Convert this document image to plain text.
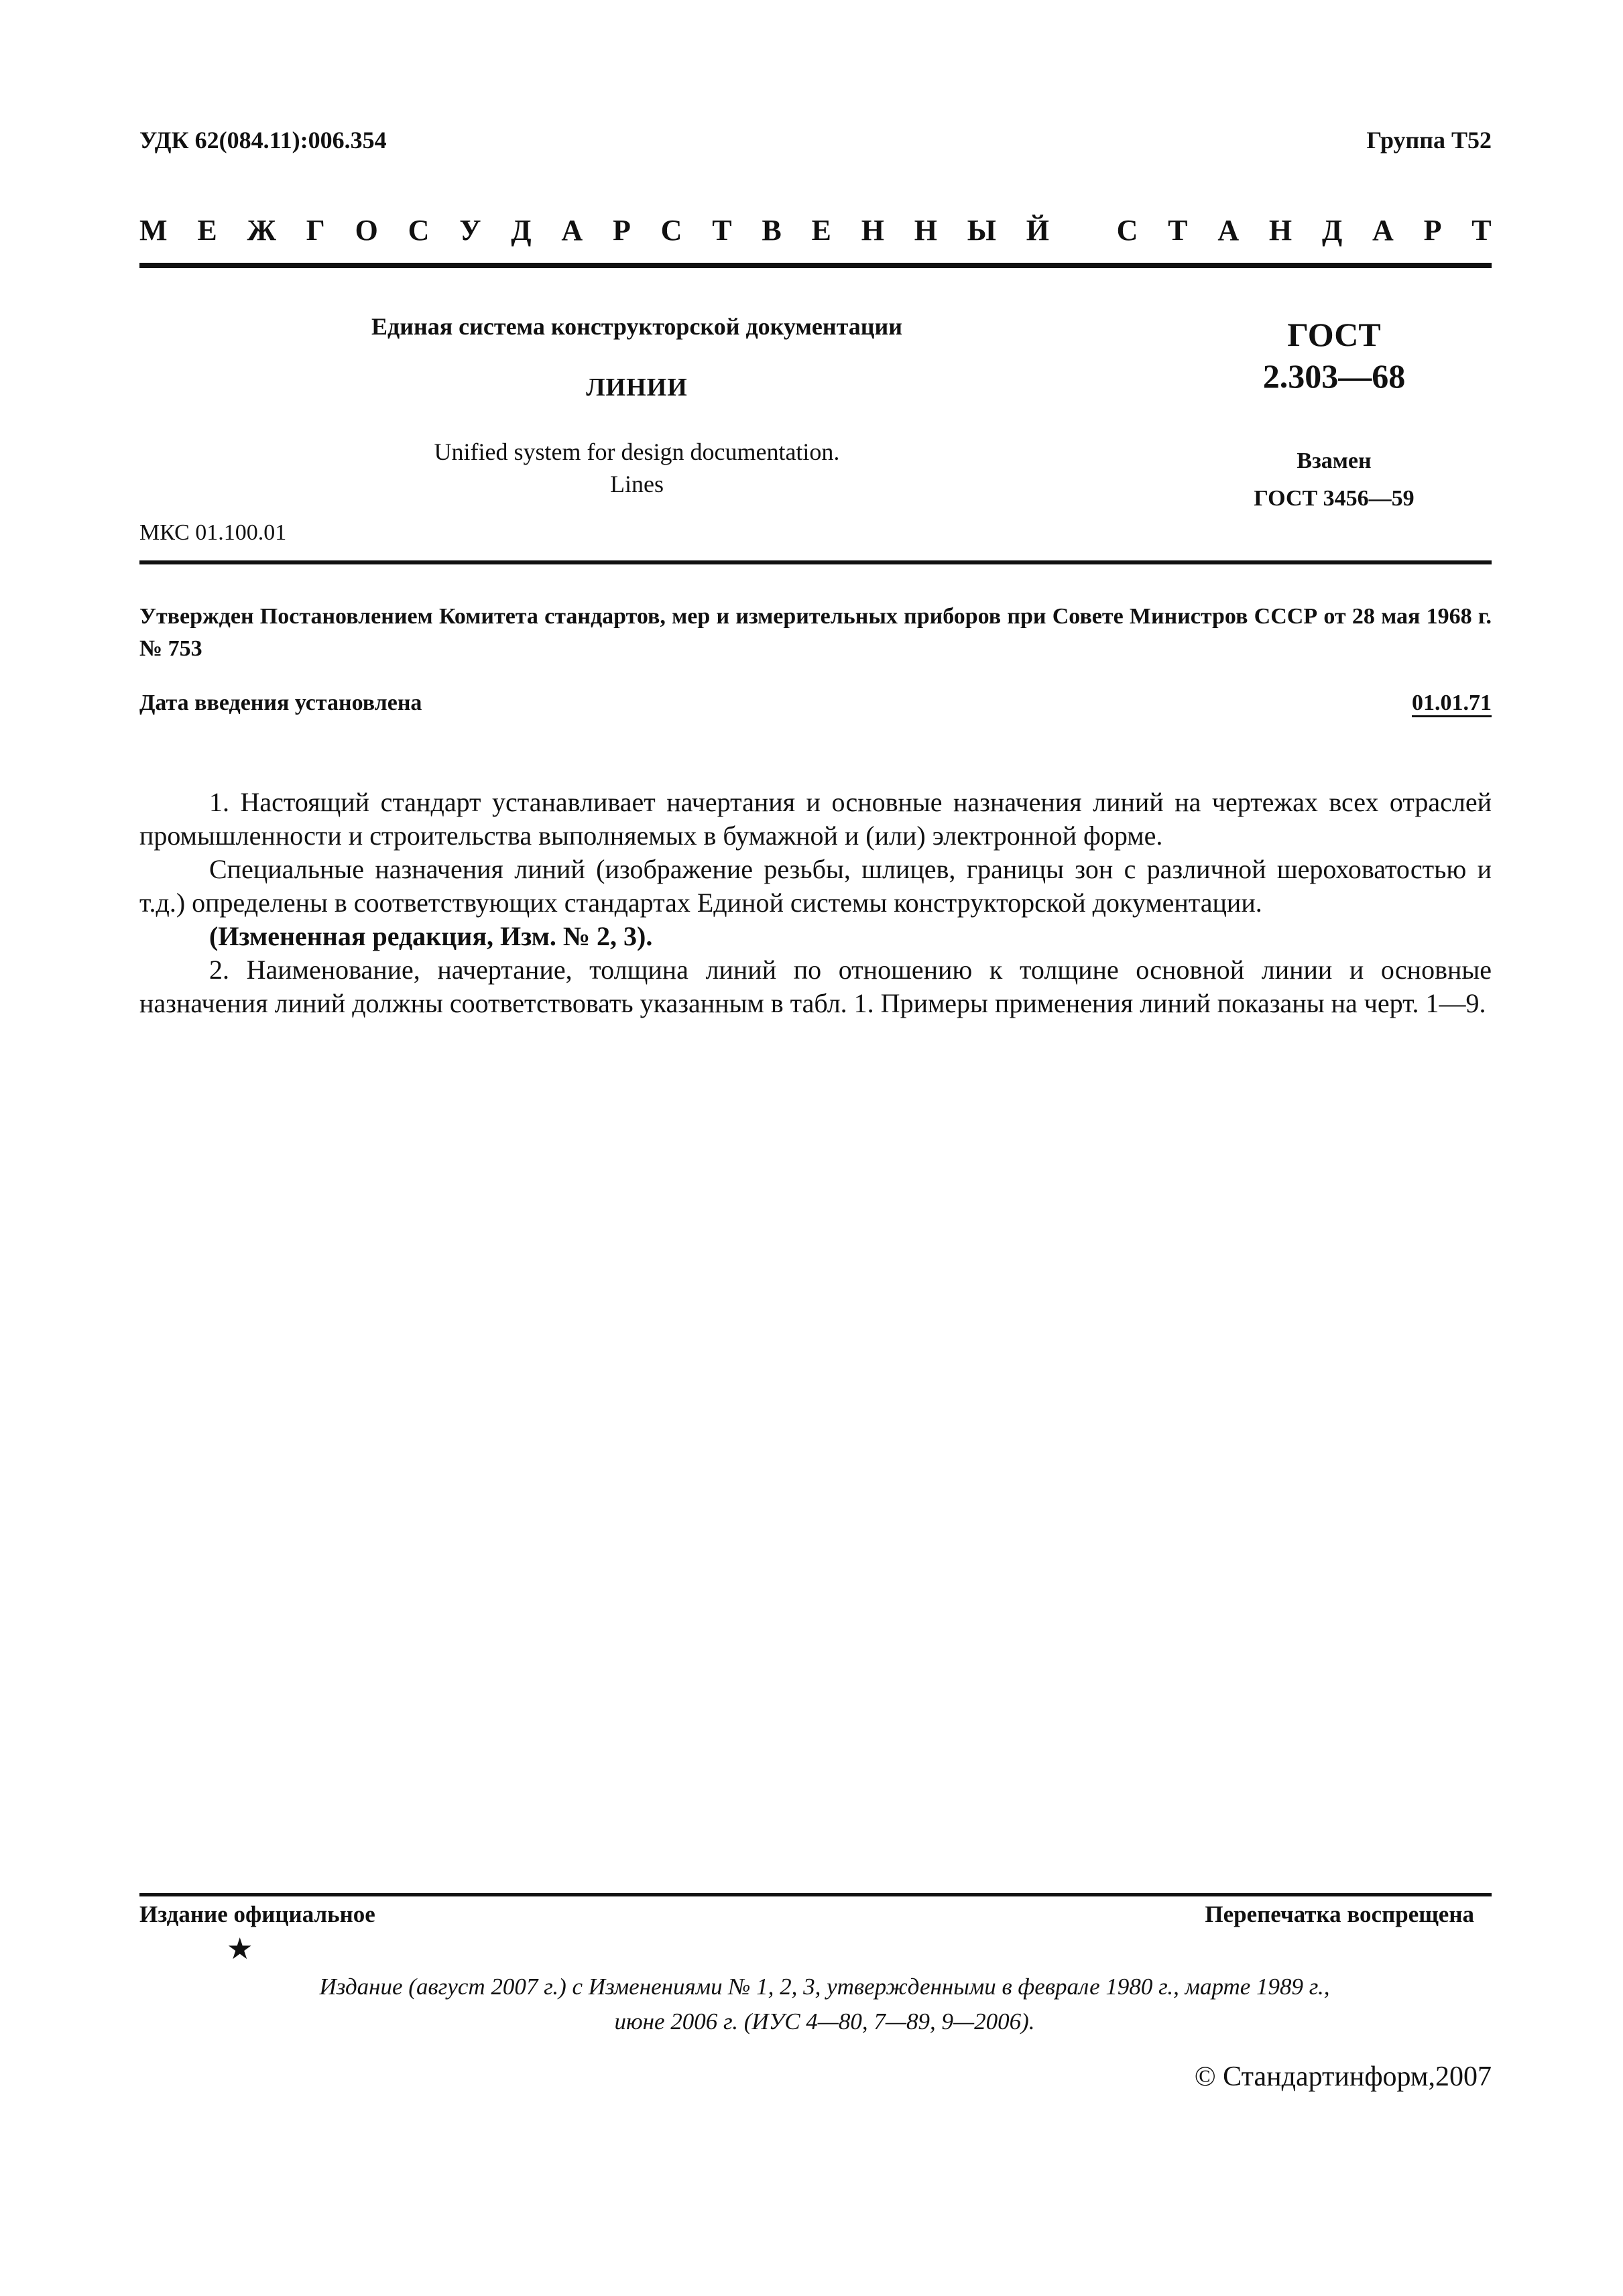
УДК 62(084.11):006.354	Группа Т52
М Е Ж Г О С У Д А Р С Т В Е Н Н Ы Й
С Т А Н Д А Р Т
Единая система конструкторской документации
ЛИНИИ
Unified system for design documentation.
Lines
ГОСТ
2.303—68
Взамен
ГОСТ 3456—59
МКС 01.100.01
Утвержден Постановлением Комитета стандартов, мер и измерительных приборов при Совете Министров СССР от 28 мая 1968 г. № 753
Дата введения установлена	01.01.71

1. Настоящий стандарт устанавливает начертания и основные назначения линий на чертежах всех отраслей промышленности и строительства выполняемых в бумажной и (или) электронной форме.

Специальные назначения линий (изображение резьбы, шлицев, границы зон с различной шероховатостью и т.д.) определены в соответствующих стандартах Единой системы конструкторской документации.

(Измененная редакция, Изм. № 2, 3).

2. Наименование, начертание, толщина линий по отношению к толщине основной линии и основные назначения линий должны соответствовать указанным в табл. 1. Примеры применения линий показаны на черт. 1—9.

Издание официальное	Перепечатка воспрещена
★
Издание (август 2007 г.) с Изменениями № 1, 2, 3, утвержденными в феврале 1980 г., марте 1989 г.,
июне 2006 г. (ИУС 4—80, 7—89, 9—2006).
© Стандартинформ,2007
